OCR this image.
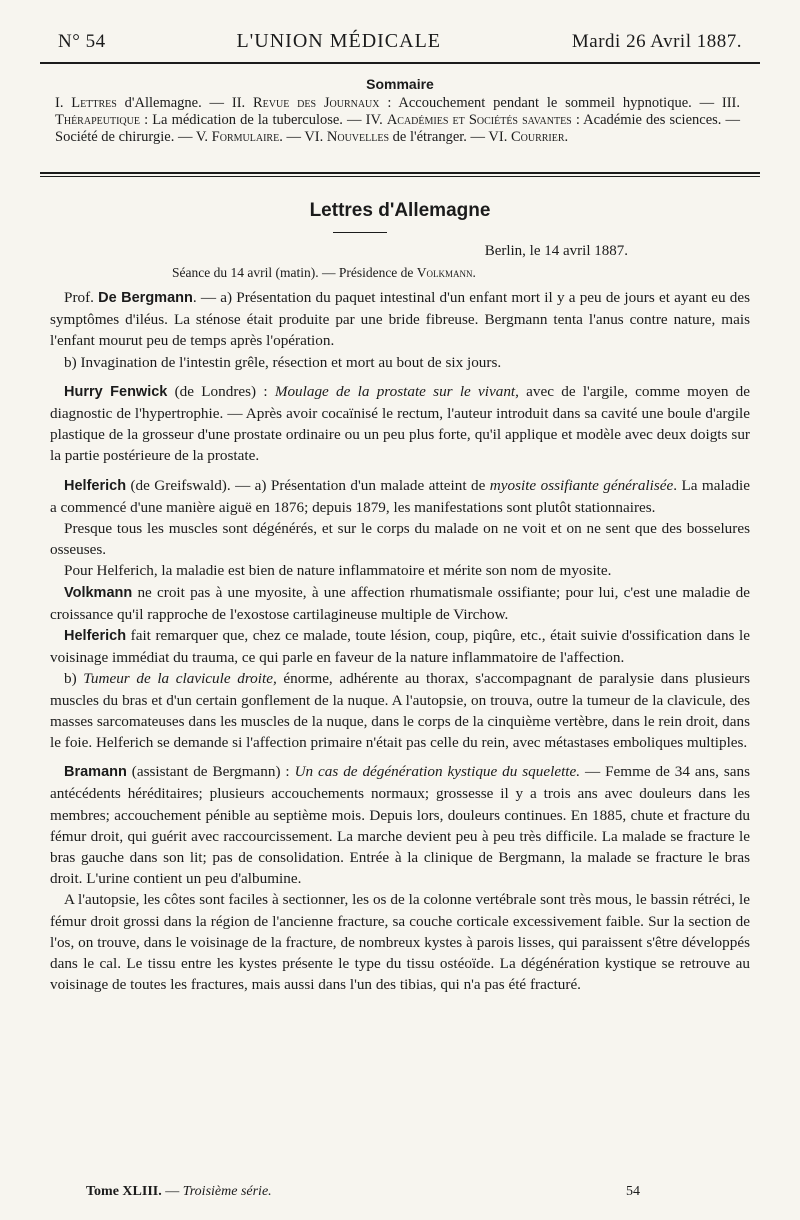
N° 54	L'UNION MÉDICALE	Mardi 26 Avril 1887.
Sommaire
I. Lettres d'Allemagne. — II. Revue des Journaux : Accouchement pendant le sommeil hypnotique. — III. Thérapeutique : La médication de la tuberculose. — IV. Académies et Sociétés savantes : Académie des sciences. — Société de chirurgie. — V. Formulaire. — VI. Nouvelles de l'étranger. — VI. Courrier.
Lettres d'Allemagne
Berlin, le 14 avril 1887.
Séance du 14 avril (matin). — Présidence de Volkmann.

Prof. De Bergmann. — a) Présentation du paquet intestinal d'un enfant mort il y a peu de jours et ayant eu des symptômes d'iléus. La sténose était produite par une bride fibreuse. Bergmann tenta l'anus contre nature, mais l'enfant mourut peu de temps après l'opération.

b) Invagination de l'intestin grêle, résection et mort au bout de six jours.

Hurry Fenwick (de Londres) : Moulage de la prostate sur le vivant, avec de l'argile, comme moyen de diagnostic de l'hypertrophie. — Après avoir cocaïnisé le rectum, l'auteur introduit dans sa cavité une boule d'argile plastique de la grosseur d'une prostate ordinaire ou un peu plus forte, qu'il applique et modèle avec deux doigts sur la partie postérieure de la prostate.

Helferich (de Greifswald). — a) Présentation d'un malade atteint de myosite ossifiante généralisée. La maladie a commencé d'une manière aiguë en 1876; depuis 1879, les manifestations sont plutôt stationnaires.

Presque tous les muscles sont dégénérés, et sur le corps du malade on ne voit et on ne sent que des bosselures osseuses.

Pour Helferich, la maladie est bien de nature inflammatoire et mérite son nom de myosite.

Volkmann ne croit pas à une myosite, à une affection rhumatismale ossifiante; pour lui, c'est une maladie de croissance qu'il rapproche de l'exostose cartilagineuse multiple de Virchow.

Helferich fait remarquer que, chez ce malade, toute lésion, coup, piqûre, etc., était suivie d'ossification dans le voisinage immédiat du trauma, ce qui parle en faveur de la nature inflammatoire de l'affection.

b) Tumeur de la clavicule droite, énorme, adhérente au thorax, s'accompagnant de paralysie dans plusieurs muscles du bras et d'un certain gonflement de la nuque. A l'autopsie, on trouva, outre la tumeur de la clavicule, des masses sarcomateuses dans les muscles de la nuque, dans le corps de la cinquième vertèbre, dans le rein droit, dans le foie. Helferich se demande si l'affection primaire n'était pas celle du rein, avec métastases emboliques multiples.

Bramann (assistant de Bergmann) : Un cas de dégénération kystique du squelette. — Femme de 34 ans, sans antécédents héréditaires; plusieurs accouchements normaux; grossesse il y a trois ans avec douleurs dans les membres; accouchement pénible au septième mois. Depuis lors, douleurs continues. En 1885, chute et fracture du fémur droit, qui guérit avec raccourcissement. La marche devient peu à peu très difficile. La malade se fracture le bras gauche dans son lit; pas de consolidation. Entrée à la clinique de Bergmann, la malade se fracture le bras droit. L'urine contient un peu d'albumine.

A l'autopsie, les côtes sont faciles à sectionner, les os de la colonne vertébrale sont très mous, le bassin rétréci, le fémur droit grossi dans la région de l'ancienne fracture, sa couche corticale excessivement faible. Sur la section de l'os, on trouve, dans le voisinage de la fracture, de nombreux kystes à parois lisses, qui paraissent s'être développés dans le cal. Le tissu entre les kystes présente le type du tissu ostéoïde. La dégénération kystique se retrouve au voisinage de toutes les fractures, mais aussi dans l'un des tibias, qui n'a pas été fracturé.

Tome XLIII. — Troisième série.	54
